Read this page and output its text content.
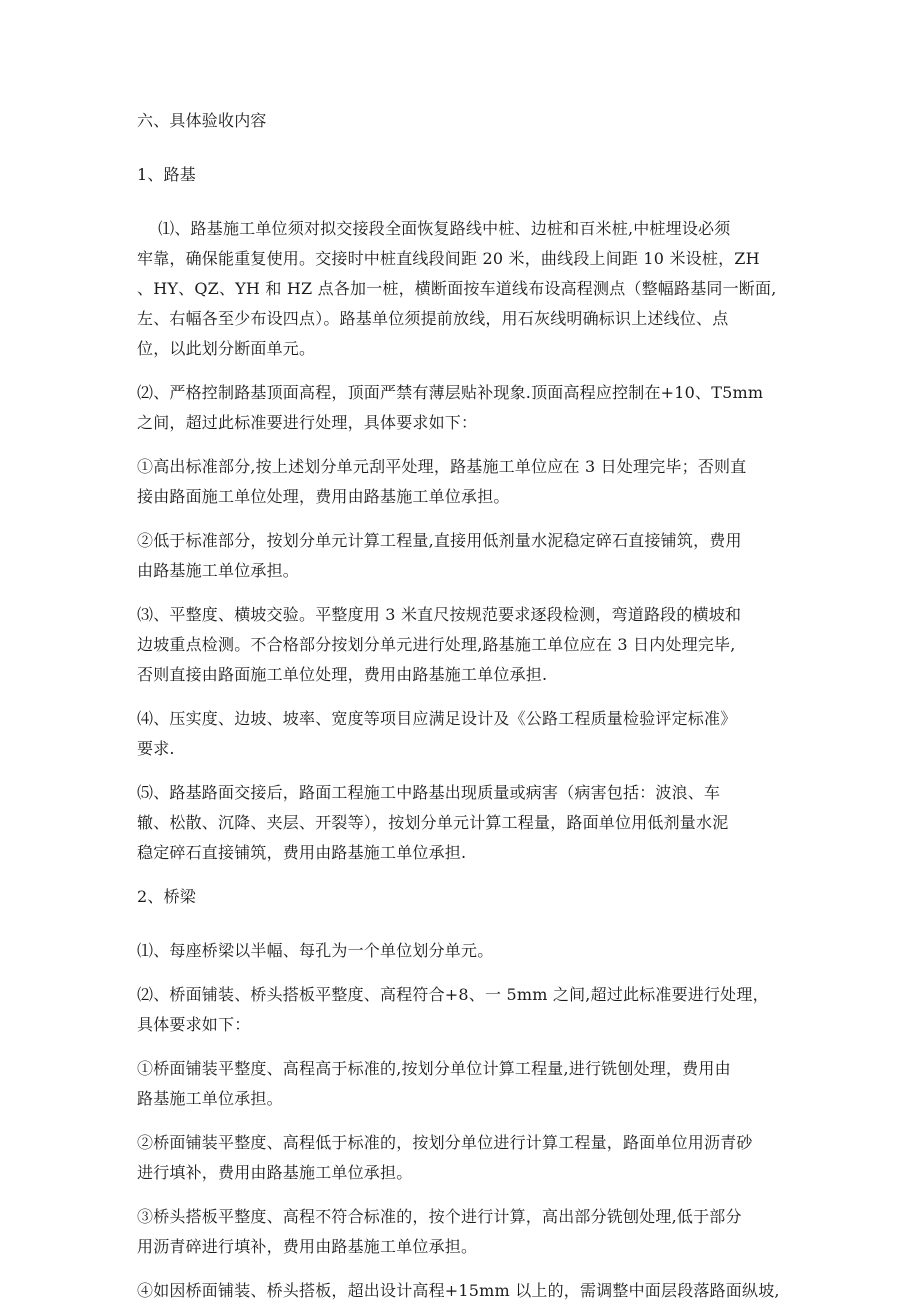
六、具体验收内容

1、路基

⑴、路基施工单位须对拟交接段全面恢复路线中桩、边桩和百米桩,中桩埋设必须

牢靠，确保能重复使用。交接时中桩直线段间距 20 米，曲线段上间距 10 米设桩，ZH

、HY、QZ、YH 和 HZ 点各加一桩，横断面按车道线布设高程测点（整幅路基同一断面,

左、右幅各至少布设四点）。路基单位须提前放线，用石灰线明确标识上述线位、点

位，以此划分断面单元。

⑵、严格控制路基顶面高程，顶面严禁有薄层贴补现象.顶面高程应控制在+10、T5mm

之间，超过此标准要进行处理，具体要求如下：

①高出标准部分,按上述划分单元刮平处理，路基施工单位应在 3 日处理完毕；否则直

接由路面施工单位处理，费用由路基施工单位承担。

②低于标准部分，按划分单元计算工程量,直接用低剂量水泥稳定碎石直接铺筑，费用

由路基施工单位承担。

⑶、平整度、横坡交验。平整度用 3 米直尺按规范要求逐段检测，弯道路段的横坡和

边坡重点检测。不合格部分按划分单元进行处理,路基施工单位应在 3 日内处理完毕,

否则直接由路面施工单位处理，费用由路基施工单位承担.

⑷、压实度、边坡、坡率、宽度等项目应满足设计及《公路工程质量检验评定标准》

要求.

⑸、路基路面交接后，路面工程施工中路基出现质量或病害（病害包括：波浪、车

辙、松散、沉降、夹层、开裂等），按划分单元计算工程量，路面单位用低剂量水泥

稳定碎石直接铺筑，费用由路基施工单位承担.

2、桥梁

⑴、每座桥梁以半幅、每孔为一个单位划分单元。

⑵、桥面铺装、桥头搭板平整度、高程符合+8、一 5mm 之间,超过此标准要进行处理，

具体要求如下：

①桥面铺装平整度、高程高于标准的,按划分单位计算工程量,进行铣刨处理，费用由

路基施工单位承担。

②桥面铺装平整度、高程低于标准的，按划分单位进行计算工程量，路面单位用沥青砂

进行填补，费用由路基施工单位承担。

③桥头搭板平整度、高程不符合标准的，按个进行计算，高出部分铣刨处理,低于部分

用沥青碎进行填补，费用由路基施工单位承担。

④如因桥面铺装、桥头搭板，超出设计高程+15mm 以上的，需调整中面层段落路面纵坡,
